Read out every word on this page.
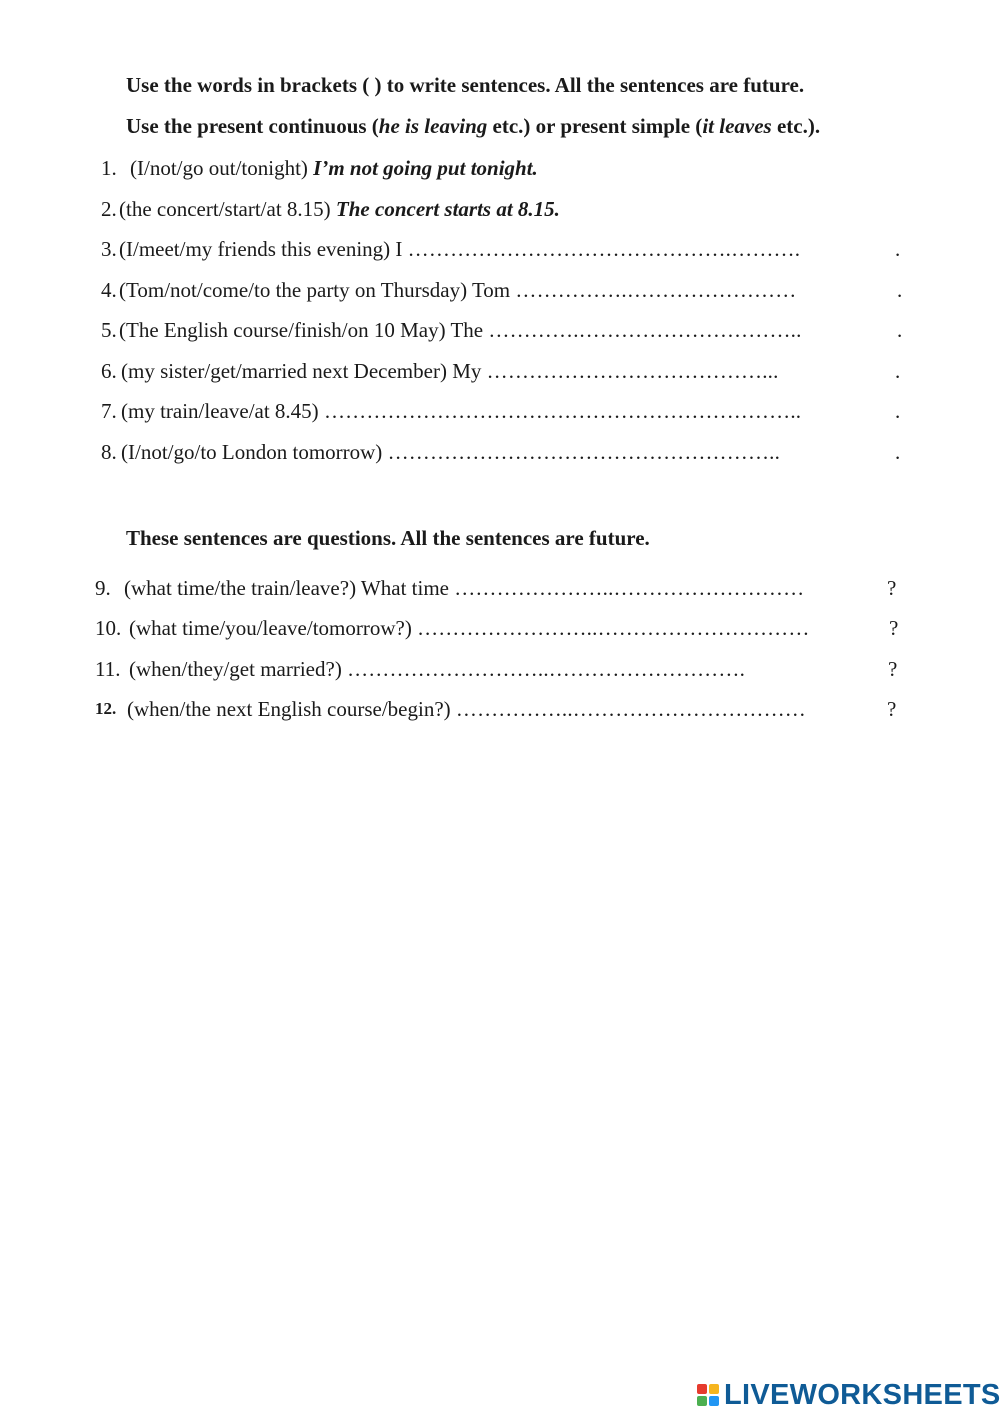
Use the words in brackets ( ) to write sentences. All the sentences are future.
Use the present continuous (he is leaving etc.) or present simple (it leaves etc.).
1. (I/not/go out/tonight) I’m not going put tonight.
2. (the concert/start/at 8.15) The concert starts at 8.15.
3. (I/meet/my friends this evening) I ……………………………………….……….	.
4. (Tom/not/come/to the party on Thursday) Tom …………….……………………	.
5. (The English course/finish/on 10 May) The ………….…………………………..	.
6. (my sister/get/married next December) My …………………………………...	.
7. (my train/leave/at 8.45) …………………………………………………………..	.
8. (I/not/go/to London tomorrow) ………………………………………………..	.
These sentences are questions. All the sentences are future.
9. (what time/the train/leave?) What time …………………..………………………	?
10. (what time/you/leave/tomorrow?) ……………………..…………………………	?
11. (when/they/get married?) ………………………..……………………….	?
12. (when/the next English course/begin?) ……………..……………………………	?
LIVEWORKSHEETS
